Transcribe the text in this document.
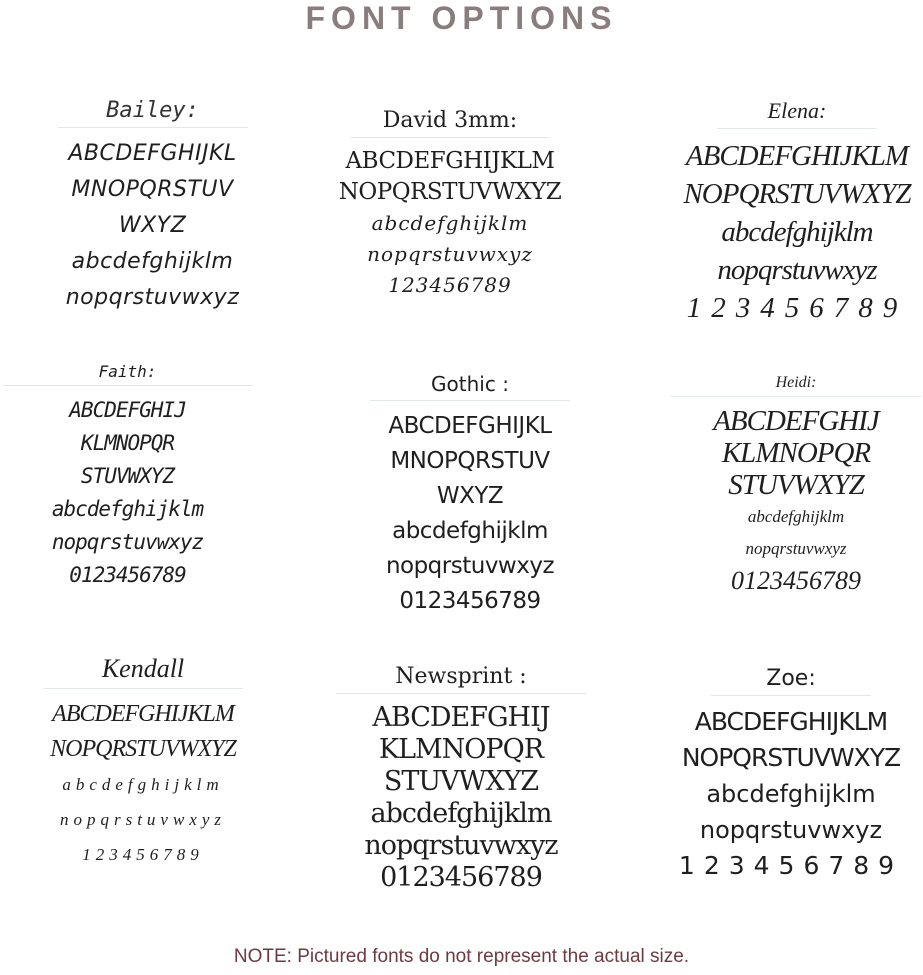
FONT OPTIONS
Bailey:
ABCDEFGHIJKL
MNOPQRSTUV
WXYZ
abcdefghijklm
nopqrstuvwxyz
David 3mm:
ABCDEFGHIJKLM
NOPQRSTUVWXYZ
abcdefghijklm
nopqrstuvwxyz
123456789
Elena:
ABCDEFGHIJKLM
NOPQRSTUVWXYZ
abcdefghijklm
nopqrstuvwxyz
123456789
Faith:
ABCDEFGHIJ
KLMNOPQR
STUVWXYZ
abcdefghijklm
nopqrstuvwxyz
0123456789
Gothic :
ABCDEFGHIJKL
MNOPQRSTUV
WXYZ
abcdefghijklm
nopqrstuvwxyz
0123456789
Heidi:
ABCDEFGHIJ
KLMNOPQR
STUVWXYZ
abcdefghijklm
nopqrstuvwxyz
0123456789
Kendall
ABCDEFGHIJKLM
NOPQRSTUVWXYZ
abcdefghijklm
nopqrstuvwxyz
123456789
Newsprint :
ABCDEFGHIJ
KLMNOPQR
STUVWXYZ
abcdefghijklm
nopqrstuvwxyz
0123456789
Zoe:
ABCDEFGHIJKLM
NOPQRSTUVWXYZ
abcdefghijklm
nopqrstuvwxyz
123456789
NOTE: Pictured fonts do not represent the actual size.
